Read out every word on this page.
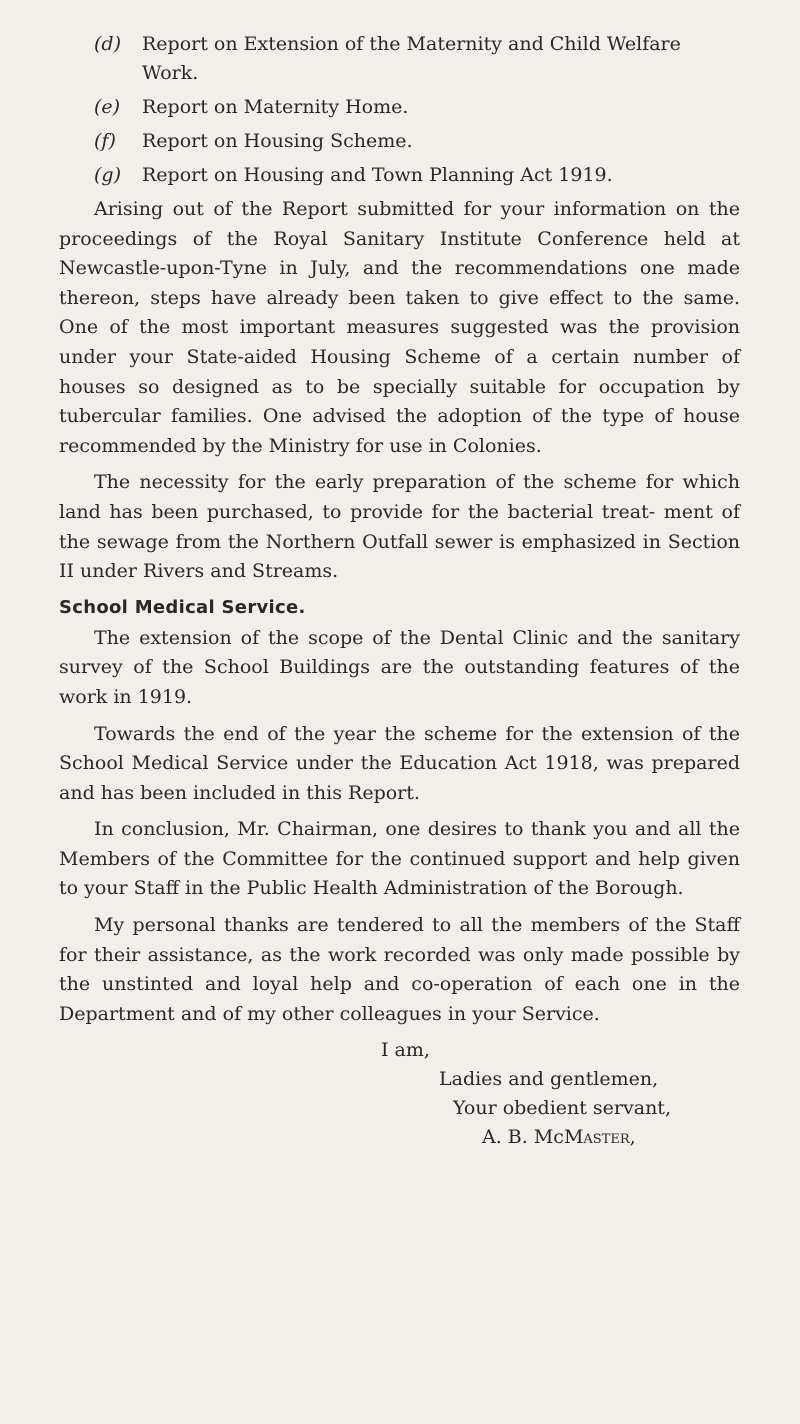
(d) Report on Extension of the Maternity and Child Welfare Work.
(e) Report on Maternity Home.
(f) Report on Housing Scheme.
(g) Report on Housing and Town Planning Act 1919.

Arising out of the Report submitted for your information on the proceedings of the Royal Sanitary Institute Conference held at Newcastle-upon-Tyne in July, and the recommendations one made thereon, steps have already been taken to give effect to the same. One of the most important measures suggested was the provision under your State-aided Housing Scheme of a certain number of houses so designed as to be specially suitable for occupation by tubercular families. One advised the adoption of the type of house recommended by the Ministry for use in Colonies.

The necessity for the early preparation of the scheme for which land has been purchased, to provide for the bacterial treat- ment of the sewage from the Northern Outfall sewer is emphasized in Section II under Rivers and Streams.

School Medical Service.

The extension of the scope of the Dental Clinic and the sanitary survey of the School Buildings are the outstanding features of the work in 1919.

Towards the end of the year the scheme for the extension of the School Medical Service under the Education Act 1918, was prepared and has been included in this Report.

In conclusion, Mr. Chairman, one desires to thank you and all the Members of the Committee for the continued support and help given to your Staff in the Public Health Administration of the Borough.

My personal thanks are tendered to all the members of the Staff for their assistance, as the work recorded was only made possible by the unstinted and loyal help and co-operation of each one in the Department and of my other colleagues in your Service.

I am,
Ladies and gentlemen,
Your obedient servant,
A. B. McMaster,
